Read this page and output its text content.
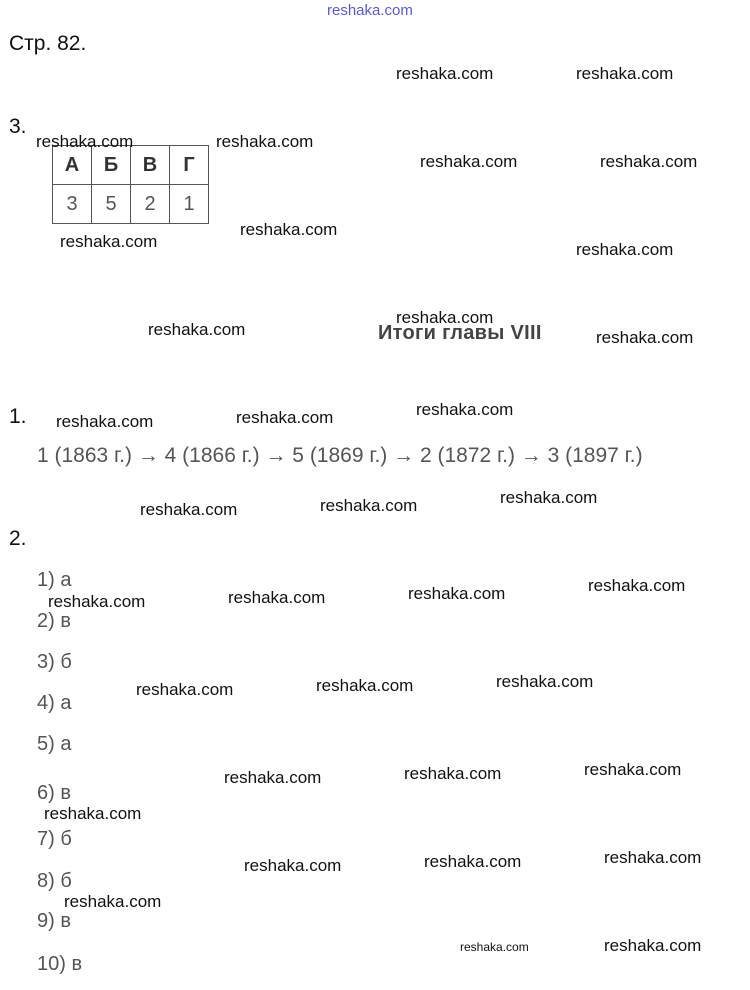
reshaka.com
Стр. 82.
3.
А	Б	В	Г
3	5	2	1
Итоги главы VIII
1.
1 (1863 г.) → 4 (1866 г.) → 5 (1869 г.) → 2 (1872 г.) → 3 (1897 г.)
2.
1) а
2) в
3) б
4) а
5) а
6) в
7) б
8) б
9) в
10) в
reshaka.com	reshaka.com
reshaka.com	reshaka.com
reshaka.com	reshaka.com
reshaka.com
reshaka.com	reshaka.com
reshaka.com
reshaka.com	reshaka.com
reshaka.com
reshaka.com
reshaka.com
reshaka.com
reshaka.com
reshaka.com
reshaka.com
reshaka.com
reshaka.com
reshaka.com
reshaka.com
reshaka.com
reshaka.com
reshaka.com
reshaka.com
reshaka.com
reshaka.com
reshaka.com
reshaka.com
reshaka.com
reshaka.com
reshaka.com
reshaka.com
